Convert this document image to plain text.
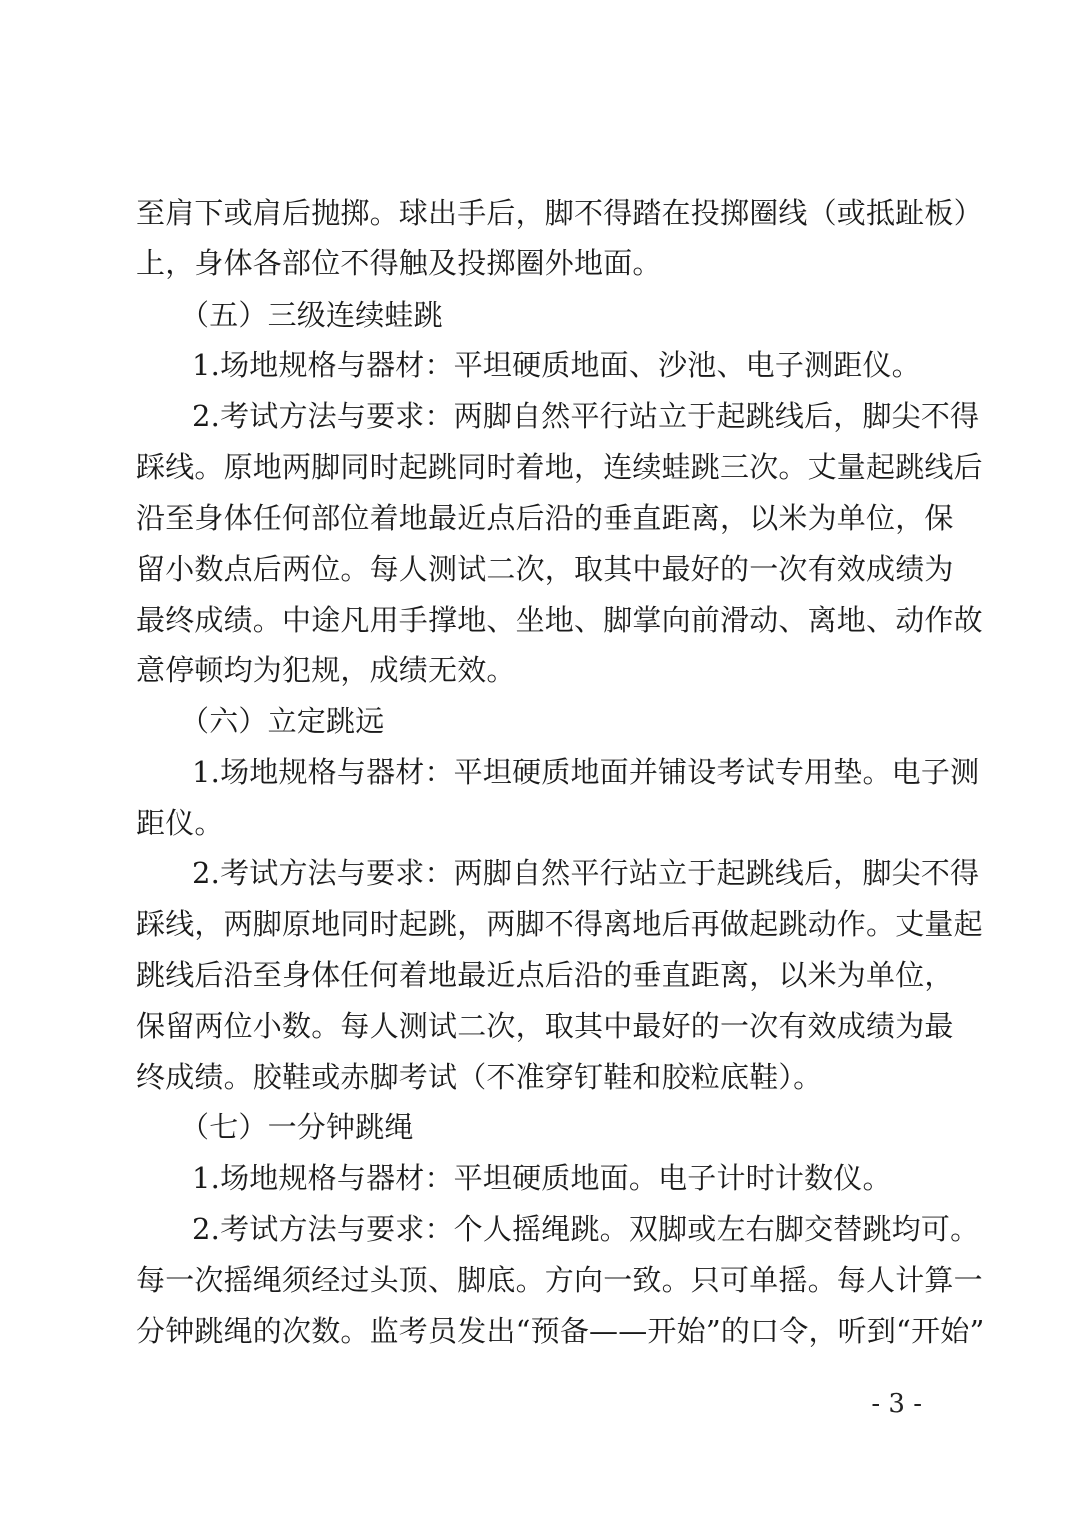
至肩下或肩后抛掷。球出手后，脚不得踏在投掷圈线（或抵趾板）
上，身体各部位不得触及投掷圈外地面。
（五）三级连续蛙跳
1.场地规格与器材：平坦硬质地面、沙池、电子测距仪。
2.考试方法与要求：两脚自然平行站立于起跳线后，脚尖不得
踩线。原地两脚同时起跳同时着地，连续蛙跳三次。丈量起跳线后
沿至身体任何部位着地最近点后沿的垂直距离，以米为单位，保
留小数点后两位。每人测试二次，取其中最好的一次有效成绩为
最终成绩。中途凡用手撑地、坐地、脚掌向前滑动、离地、动作故
意停顿均为犯规，成绩无效。
（六）立定跳远
1.场地规格与器材：平坦硬质地面并铺设考试专用垫。电子测
距仪。
2.考试方法与要求：两脚自然平行站立于起跳线后，脚尖不得
踩线，两脚原地同时起跳，两脚不得离地后再做起跳动作。丈量起
跳线后沿至身体任何着地最近点后沿的垂直距离，以米为单位，
保留两位小数。每人测试二次，取其中最好的一次有效成绩为最
终成绩。胶鞋或赤脚考试（不准穿钉鞋和胶粒底鞋）。
（七）一分钟跳绳
1.场地规格与器材：平坦硬质地面。电子计时计数仪。
2.考试方法与要求：个人摇绳跳。双脚或左右脚交替跳均可。
每一次摇绳须经过头顶、脚底。方向一致。只可单摇。每人计算一
分钟跳绳的次数。监考员发出“预备——开始”的口令，听到“开始”
- 3 -
